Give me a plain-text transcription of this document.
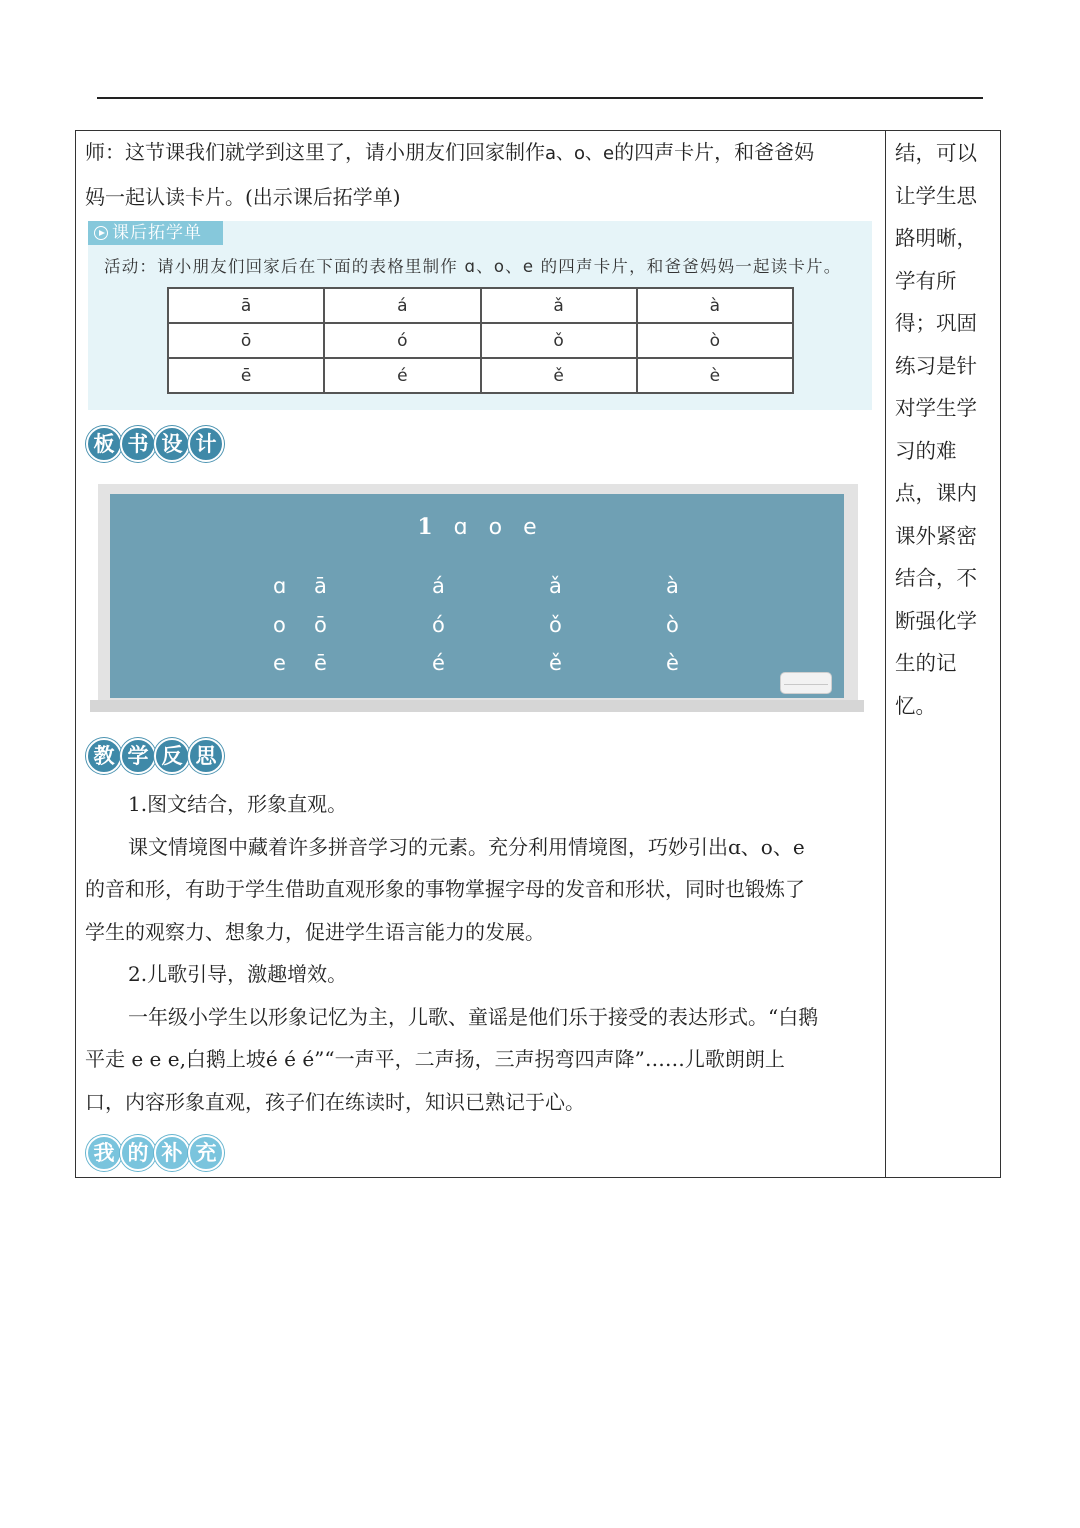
师：这节课我们就学到这里了，请小朋友们回家制作a、o、e的四声卡片，和爸爸妈

妈一起认读卡片。(出示课后拓学单)

课后拓学单
活动：请小朋友们回家后在下面的表格里制作 ɑ、o、e 的四声卡片，和爸爸妈妈一起读卡片。
ā	á	ǎ	à
ō	ó	ǒ	ò
ē	é	ě	è
板 书 设 计
1 ɑ o e
ɑ ā	á	ǎ	à
o ō	ó	ǒ	ò
e ē	é	ě	è
教 学 反 思

1.图文结合，形象直观。

课文情境图中藏着许多拼音学习的元素。充分利用情境图，巧妙引出ɑ、o、e

的音和形，有助于学生借助直观形象的事物掌握字母的发音和形状，同时也锻炼了

学生的观察力、想象力，促进学生语言能力的发展。

2.儿歌引导，激趣增效。

一年级小学生以形象记忆为主，儿歌、童谣是他们乐于接受的表达形式。“白鹅

平走 e e e,白鹅上坡é é é”“一声平，二声扬，三声拐弯四声降”……儿歌朗朗上

口，内容形象直观，孩子们在练读时，知识已熟记于心。

我 的 补 充
结，可以
让学生思
路明晰，
学有所
得；巩固
练习是针
对学生学
习的难
点，课内
课外紧密
结合，不
断强化学
生的记
忆。
